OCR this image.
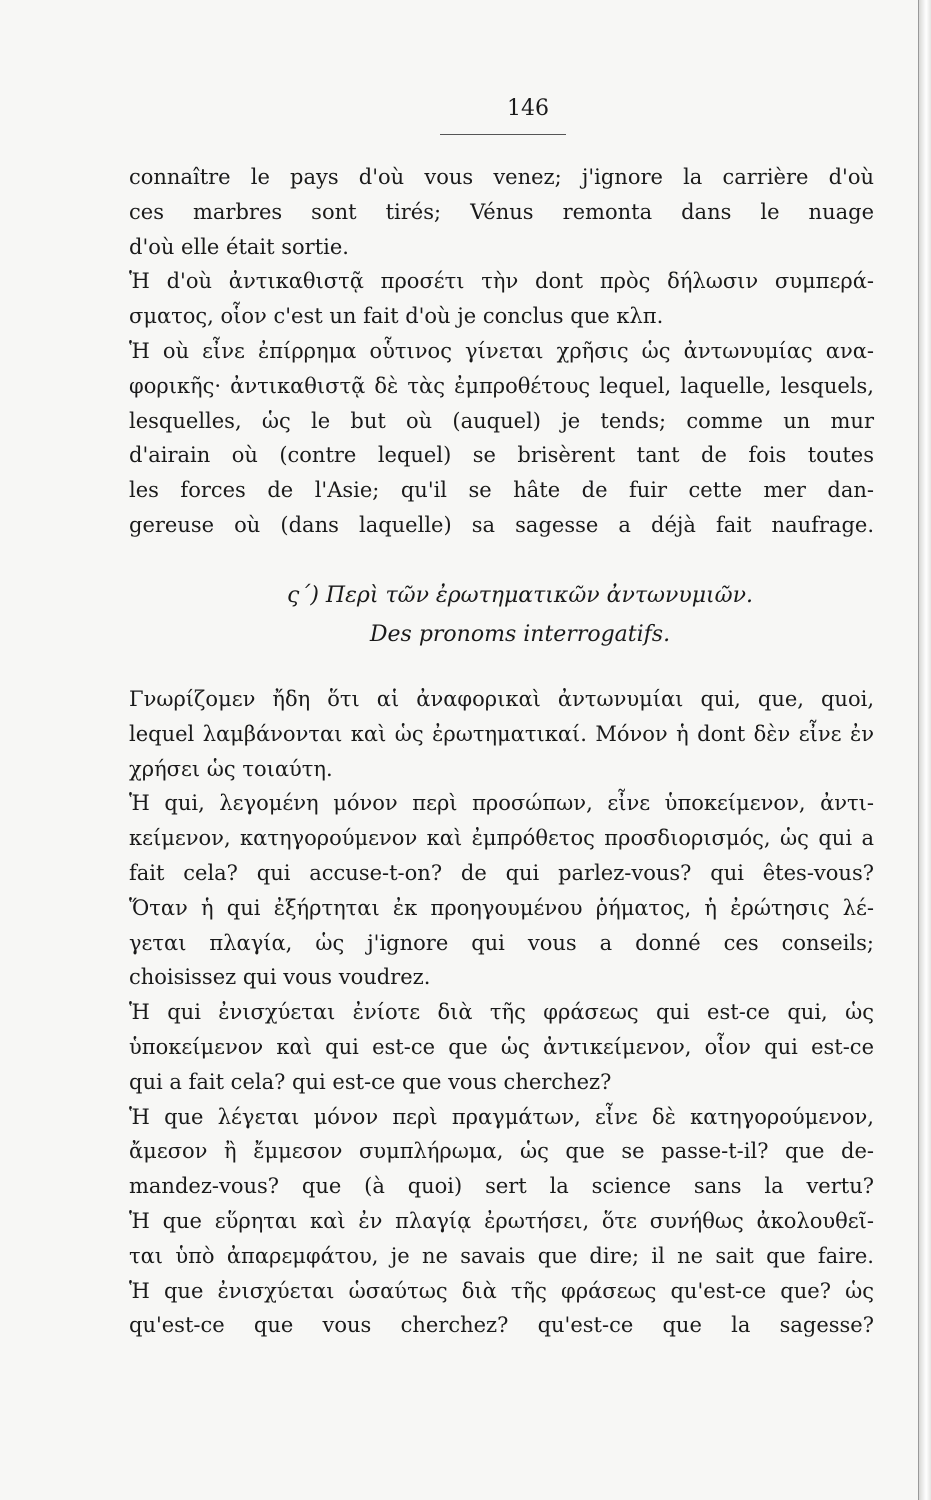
146
connaître le pays d'où vous venez; j'ignore la carrière d'où
ces marbres sont tirés; Vénus remonta dans le nuage
d'où elle était sortie.
Ἡ d'où ἀντικαθιστᾷ προσέτι τὴν dont πρὸς δήλωσιν συμπερά-
σματος, οἷον c'est un fait d'où je conclus que κλπ.
Ἡ où εἶνε ἐπίρρημα οὗτινος γίνεται χρῆσις ὡς ἀντωνυμίας ανα-
φορικῆς· ἀντικαθιστᾷ δὲ τὰς ἐμπροθέτους lequel, laquelle, lesquels,
lesquelles, ὡς le but où (auquel) je tends; comme un mur
d'airain où (contre lequel) se brisèrent tant de fois toutes
les forces de l'Asie; qu'il se hâte de fuir cette mer dan-
gereuse où (dans laquelle) sa sagesse a déjà fait naufrage.
ς΄) Περὶ τῶν ἐρωτηματικῶν ἀντωνυμιῶν.
Des pronoms interrogatifs.
Γνωρίζομεν ἤδη ὅτι αἱ ἀναφορικαὶ ἀντωνυμίαι qui, que, quoi,
lequel λαμβάνονται καὶ ὡς ἐρωτηματικαί. Μόνον ἡ dont δὲν εἶνε ἐν
χρήσει ὡς τοιαύτη.
Ἡ qui, λεγομένη μόνον περὶ προσώπων, εἶνε ὑποκείμενον, ἀντι-
κείμενον, κατηγορούμενον καὶ ἐμπρόθετος προσδιορισμός, ὡς qui a
fait cela? qui accuse-t-on? de qui parlez-vous? qui êtes-vous?
Ὅταν ἡ qui ἐξήρτηται ἐκ προηγουμένου ῥήματος, ἡ ἐρώτησις λέ-
γεται πλαγία, ὡς j'ignore qui vous a donné ces conseils;
choisissez qui vous voudrez.
Ἡ qui ἐνισχύεται ἐνίοτε διὰ τῆς φράσεως qui est-ce qui, ὡς
ὑποκείμενον καὶ qui est-ce que ὡς ἀντικείμενον, οἷον qui est-ce
qui a fait cela? qui est-ce que vous cherchez?
Ἡ que λέγεται μόνον περὶ πραγμάτων, εἶνε δὲ κατηγορούμενον,
ἄμεσον ἢ ἔμμεσον συμπλήρωμα, ὡς que se passe-t-il? que de-
mandez-vous? que (à quoi) sert la science sans la vertu?
Ἡ que εὕρηται καὶ ἐν πλαγίᾳ ἐρωτήσει, ὅτε συνήθως ἀκολουθεῖ-
ται ὑπὸ ἀπαρεμφάτου, je ne savais que dire; il ne sait que faire.
Ἡ que ἐνισχύεται ὡσαύτως διὰ τῆς φράσεως qu'est-ce que? ὡς
qu'est-ce que vous cherchez? qu'est-ce que la sagesse?
